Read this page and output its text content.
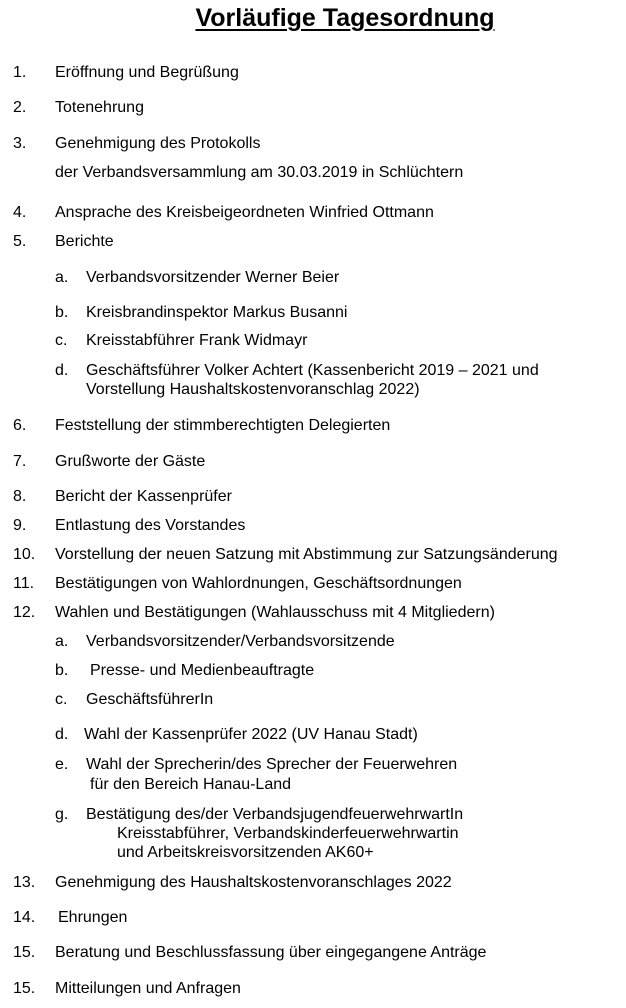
Vorläufige Tagesordnung
1. Eröffnung und Begrüßung
2. Totenehrung
3. Genehmigung des Protokolls
der Verbandsversammlung am 30.03.2019 in Schlüchtern
4. Ansprache des Kreisbeigeordneten Winfried Ottmann
5. Berichte
a. Verbandsvorsitzender Werner Beier
b. Kreisbrandinspektor Markus Busanni
c. Kreisstabführer Frank Widmayr
d. Geschäftsführer Volker Achtert (Kassenbericht 2019 – 2021 und
Vorstellung Haushaltskostenvoranschlag 2022)
6. Feststellung der stimmberechtigten Delegierten
7. Grußworte der Gäste
8. Bericht der Kassenprüfer
9. Entlastung des Vorstandes
10. Vorstellung der neuen Satzung mit Abstimmung zur Satzungsänderung
11. Bestätigungen von Wahlordnungen, Geschäftsordnungen
12. Wahlen und Bestätigungen (Wahlausschuss mit 4 Mitgliedern)
a. Verbandsvorsitzender/Verbandsvorsitzende
b. Presse- und Medienbeauftragte
c. GeschäftsführerIn
d. Wahl der Kassenprüfer 2022 (UV Hanau Stadt)
e. Wahl der Sprecherin/des Sprecher der Feuerwehren
für den Bereich Hanau-Land
g. Bestätigung des/der VerbandsjugendfeuerwehrwartIn
Kreisstabführer, Verbandskinderfeuerwehrwartin
und Arbeitskreisvorsitzenden AK60+
13. Genehmigung des Haushaltskostenvoranschlages 2022
14. Ehrungen
15. Beratung und Beschlussfassung über eingegangene Anträge
15. Mitteilungen und Anfragen
